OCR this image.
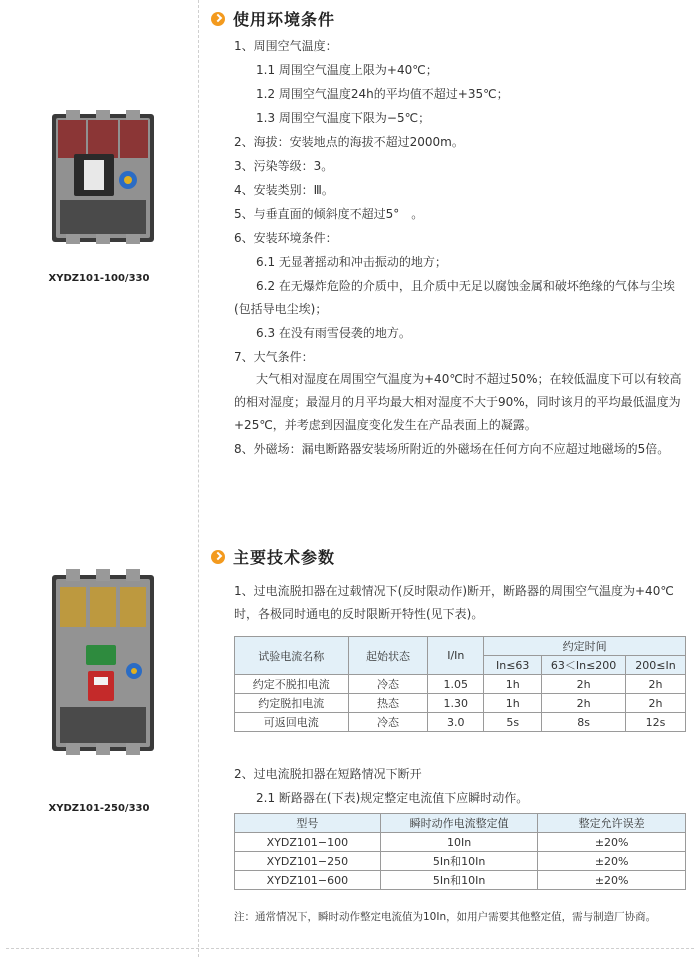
XYDZ101-100/330
XYDZ101-250/330
使用环境条件
1、周围空气温度：
1.1 周围空气温度上限为+40℃；
1.2 周围空气温度24h的平均值不超过+35℃；
1.3 周围空气温度下限为−5℃；
2、海拔：安装地点的海拔不超过2000m。
3、污染等级：3。
4、安装类别：Ⅲ。
5、与垂直面的倾斜度不超过5°　。
6、安装环境条件：
6.1 无显著摇动和冲击振动的地方；
6.2 在无爆炸危险的介质中，且介质中无足以腐蚀金属和破坏绝缘的气体与尘埃(包括导电尘埃)；
6.3 在没有雨雪侵袭的地方。
7、大气条件：
大气相对湿度在周围空气温度为+40℃时不超过50%；在较低温度下可以有较高的相对湿度；最湿月的月平均最大相对湿度不大于90%，同时该月的平均最低温度为+25℃，并考虑到因温度变化发生在产品表面上的凝露。
8、外磁场：漏电断路器安装场所附近的外磁场在任何方向不应超过地磁场的5倍。
主要技术参数
1、过电流脱扣器在过载情况下(反时限动作)断开，断路器的周围空气温度为+40℃时，各极同时通电的反时限断开特性(见下表)。
试验电流名称	起始状态	I/In	约定时间		
			In≤63	63＜In≤200	200≤In
约定不脱扣电流	冷态	1.05	1h	2h	2h
约定脱扣电流	热态	1.30	1h	2h	2h
可返回电流	冷态	3.0	5s	8s	12s
2、过电流脱扣器在短路情况下断开
2.1 断路器在(下表)规定整定电流值下应瞬时动作。
型号	瞬时动作电流整定值	整定允许误差
XYDZ101−100	10In	±20%
XYDZ101−250	5In和10In	±20%
XYDZ101−600	5In和10In	±20%
注：通常情况下，瞬时动作整定电流值为10In，如用户需要其他整定值，需与制造厂协商。
